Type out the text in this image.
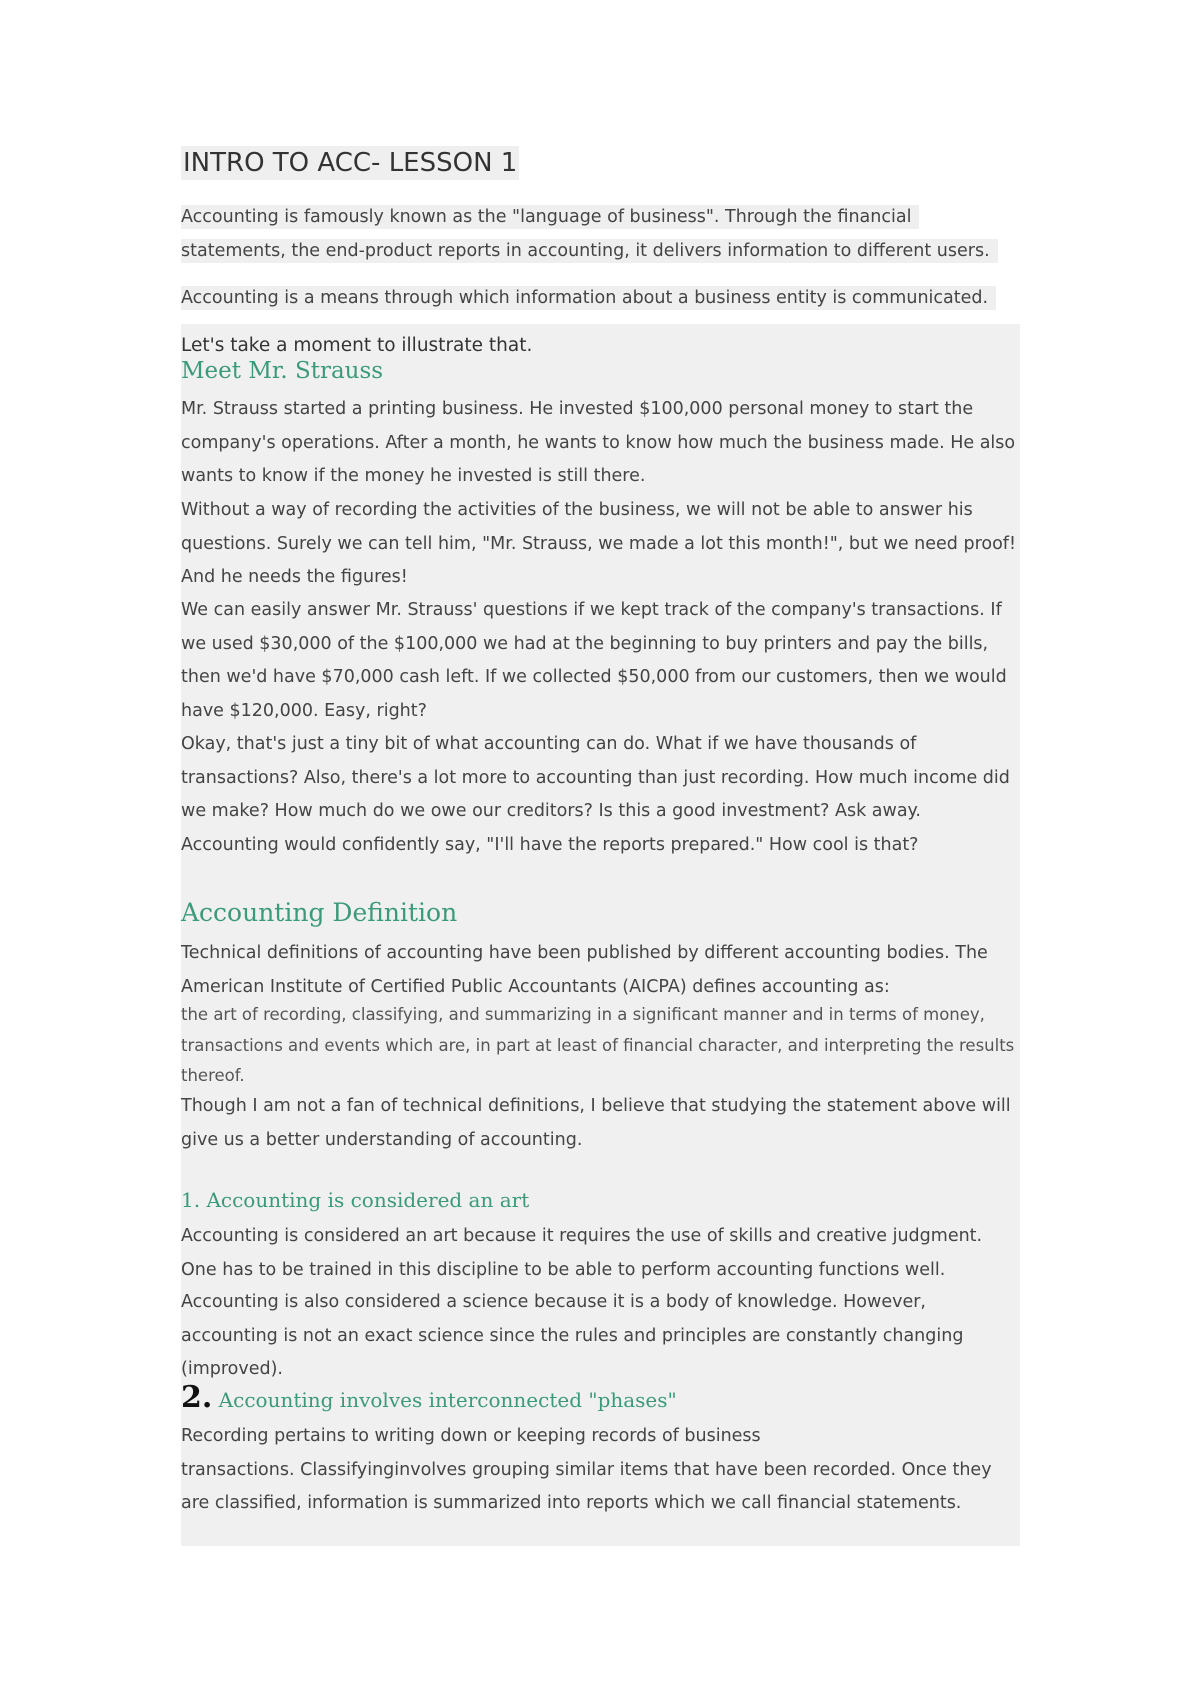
INTRO TO ACC- LESSON 1

Accounting is famously known as the "language of business". Through the financial statements, the end-product reports in accounting, it delivers information to different users.

Accounting is a means through which information about a business entity is communicated.

Let's take a moment to illustrate that.

Meet Mr. Strauss

Mr. Strauss started a printing business. He invested $100,000 personal money to start the company's operations. After a month, he wants to know how much the business made. He also wants to know if the money he invested is still there.

Without a way of recording the activities of the business, we will not be able to answer his questions. Surely we can tell him, "Mr. Strauss, we made a lot this month!", but we need proof! And he needs the figures!

We can easily answer Mr. Strauss' questions if we kept track of the company's transactions. If we used $30,000 of the $100,000 we had at the beginning to buy printers and pay the bills, then we'd have $70,000 cash left. If we collected $50,000 from our customers, then we would have $120,000. Easy, right?

Okay, that's just a tiny bit of what accounting can do. What if we have thousands of transactions? Also, there's a lot more to accounting than just recording. How much income did we make? How much do we owe our creditors? Is this a good investment? Ask away. Accounting would confidently say, "I'll have the reports prepared." How cool is that?

Accounting Definition

Technical definitions of accounting have been published by different accounting bodies. The American Institute of Certified Public Accountants (AICPA) defines accounting as:

the art of recording, classifying, and summarizing in a significant manner and in terms of money, transactions and events which are, in part at least of financial character, and interpreting the results thereof.

Though I am not a fan of technical definitions, I believe that studying the statement above will give us a better understanding of accounting.

1. Accounting is considered an art

Accounting is considered an art because it requires the use of skills and creative judgment. One has to be trained in this discipline to be able to perform accounting functions well.

Accounting is also considered a science because it is a body of knowledge. However, accounting is not an exact science since the rules and principles are constantly changing (improved).

2. Accounting involves interconnected "phases"

Recording pertains to writing down or keeping records of business
transactions. Classifyinginvolves grouping similar items that have been recorded. Once they are classified, information is summarized into reports which we call financial statements.
